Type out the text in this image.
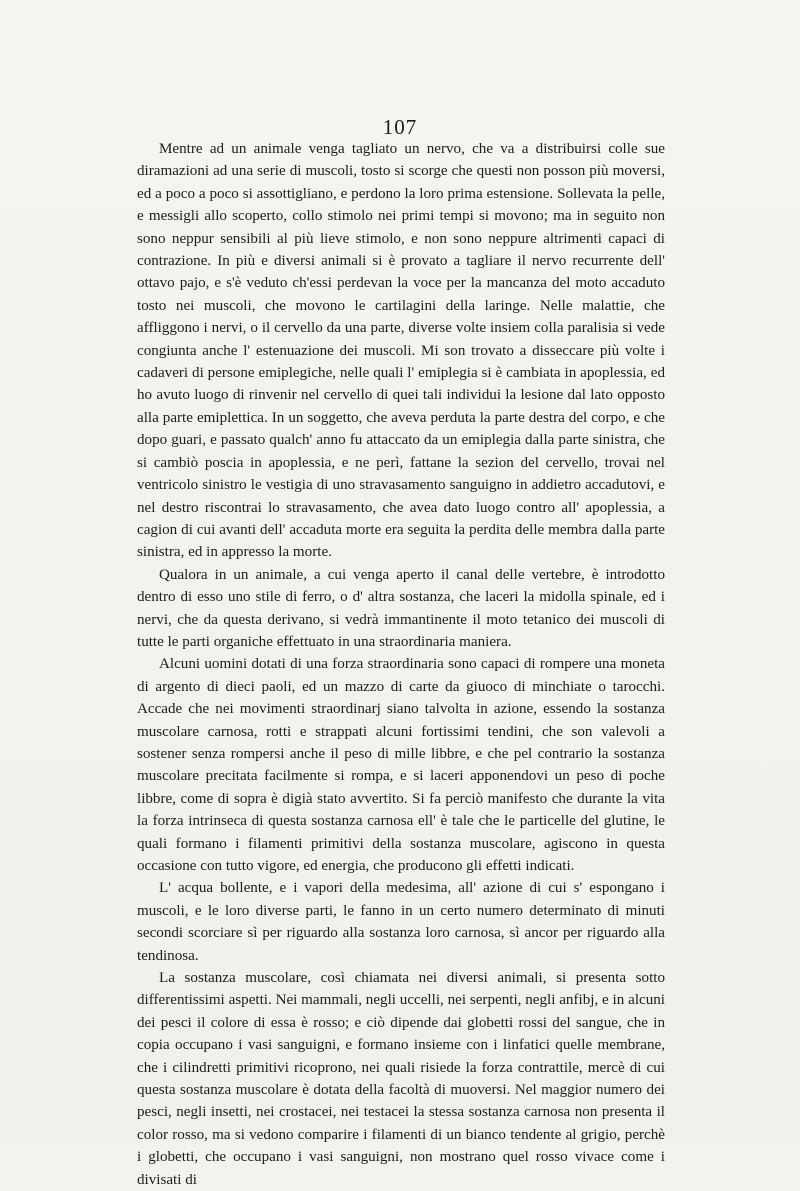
107

Mentre ad un animale venga tagliato un nervo, che va a distribuirsi colle sue diramazioni ad una serie di muscoli, tosto si scorge che questi non posson più moversi, ed a poco a poco si assottigliano, e perdono la loro prima estensione. Sollevata la pelle, e messigli allo scoperto, collo stimolo nei primi tempi si movono; ma in seguito non sono neppur sensibili al più lieve stimolo, e non sono neppure altrimenti capaci di contrazione. In più e diversi animali si è provato a tagliare il nervo recurrente dell' ottavo pajo, e s'è veduto ch'essi perdevan la voce per la mancanza del moto accaduto tosto nei muscoli, che movono le cartilagini della laringe. Nelle malattie, che affliggono i nervi, o il cervello da una parte, diverse volte insiem colla paralisia si vede congiunta anche l' estenuazione dei muscoli. Mi son trovato a disseccare più volte i cadaveri di persone emiplegiche, nelle quali l' emiplegia si è cambiata in apoplessia, ed ho avuto luogo di rinvenir nel cervello di quei tali individui la lesione dal lato opposto alla parte emiplettica. In un soggetto, che aveva perduta la parte destra del corpo, e che dopo guari, e passato qualch' anno fu attaccato da un emiplegia dalla parte sinistra, che si cambiò poscia in apoplessia, e ne perì, fattane la sezion del cervello, trovai nel ventricolo sinistro le vestigia di uno stravasamento sanguigno in addietro accadutovi, e nel destro riscontrai lo stravasamento, che avea dato luogo contro all' apoplessia, a cagion di cui avanti dell' accaduta morte era seguita la perdita delle membra dalla parte sinistra, ed in appresso la morte.

Qualora in un animale, a cui venga aperto il canal delle vertebre, è introdotto dentro di esso uno stile di ferro, o d' altra sostanza, che laceri la midolla spinale, ed i nervi, che da questa derivano, si vedrà immantinente il moto tetanico dei muscoli di tutte le parti organiche effettuato in una straordinaria maniera.

Alcuni uomini dotati di una forza straordinaria sono capaci di rompere una moneta di argento di dieci paoli, ed un mazzo di carte da giuoco di minchiate o tarocchi. Accade che nei movimenti straordinarj siano talvolta in azione, essendo la sostanza muscolare carnosa, rotti e strappati alcuni fortissimi tendini, che son valevoli a sostener senza rompersi anche il peso di mille libbre, e che pel contrario la sostanza muscolare precitata facilmente si rompa, e si laceri apponendovi un peso di poche libbre, come di sopra è digià stato avvertito. Si fa perciò manifesto che durante la vita la forza intrinseca di questa sostanza carnosa ell' è tale che le particelle del glutine, le quali formano i filamenti primitivi della sostanza muscolare, agiscono in questa occasione con tutto vigore, ed energia, che producono gli effetti indicati.

L' acqua bollente, e i vapori della medesima, all' azione di cui s' espongano i muscoli, e le loro diverse parti, le fanno in un certo numero determinato di minuti secondi scorciare sì per riguardo alla sostanza loro carnosa, sì ancor per riguardo alla tendinosa.

La sostanza muscolare, così chiamata nei diversi animali, si presenta sotto differentissimi aspetti. Nei mammali, negli uccelli, nei serpenti, negli anfibj, e in alcuni dei pesci il colore di essa è rosso; e ciò dipende dai globetti rossi del sangue, che in copia occupano i vasi sanguigni, e formano insieme con i linfatici quelle membrane, che i cilindretti primitivi ricoprono, nei quali risiede la forza contrattile, mercè di cui questa sostanza muscolare è dotata della facoltà di muoversi. Nel maggior numero dei pesci, negli insetti, nei crostacei, nei testacei la stessa sostanza carnosa non presenta il color rosso, ma si vedono comparire i filamenti di un bianco tendente al grigio, perchè i globetti, che occupano i vasi sanguigni, non mostrano quel rosso vivace come i divisati di
